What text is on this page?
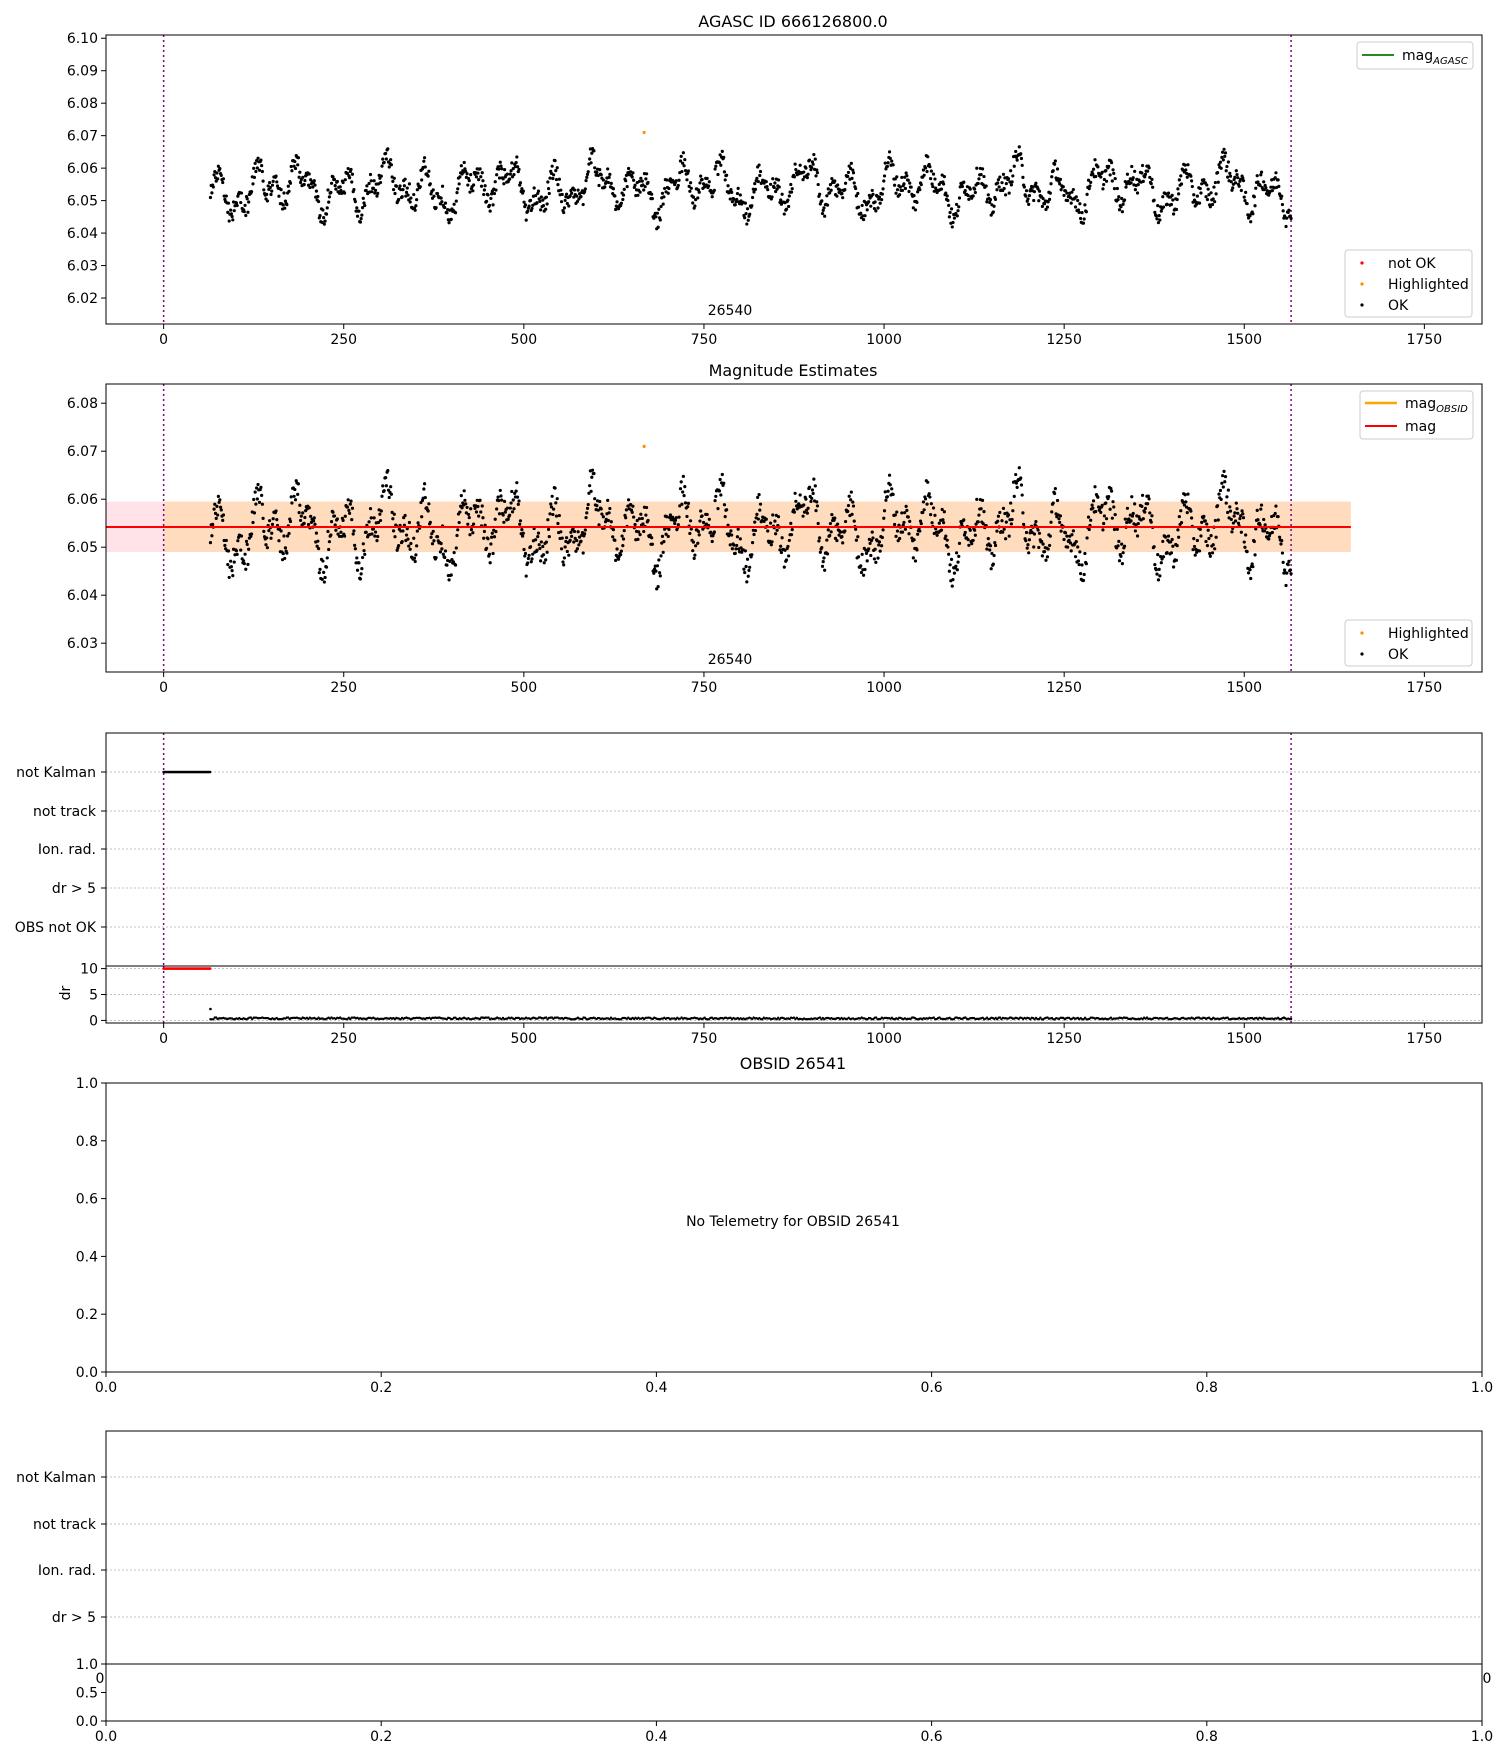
AGASC ID 666126800.0
0	250	500	750	1000	1250	1500	1750
6.02
6.03
6.04
6.05
6.06
6.07
6.08
6.09
6.10
26540
mag$_{AGASC}$
not OK
Highlighted
OK
Magnitude Estimates
0	250	500	750	1000	1250	1500	1750
6.03
6.04
6.05
6.06
6.07
6.08
26540
mag$_{OBSID}$
mag
Highlighted
OK
not Kalman
not track
Ion. rad.
dr > 5
OBS not OK
0	250	500	750	1000	1250	1500	1750
0
5
10
dr
OBSID 26541
0.0	0.2	0.4	0.6	0.8	1.0
0.0
0.2
0.4
0.6
0.8
1.0
No Telemetry for OBSID 26541
not Kalman
not track
Ion. rad.
dr > 5
0	0
0.0	0.2	0.4	0.6	0.8	1.0
0.0
0.5
1.0
